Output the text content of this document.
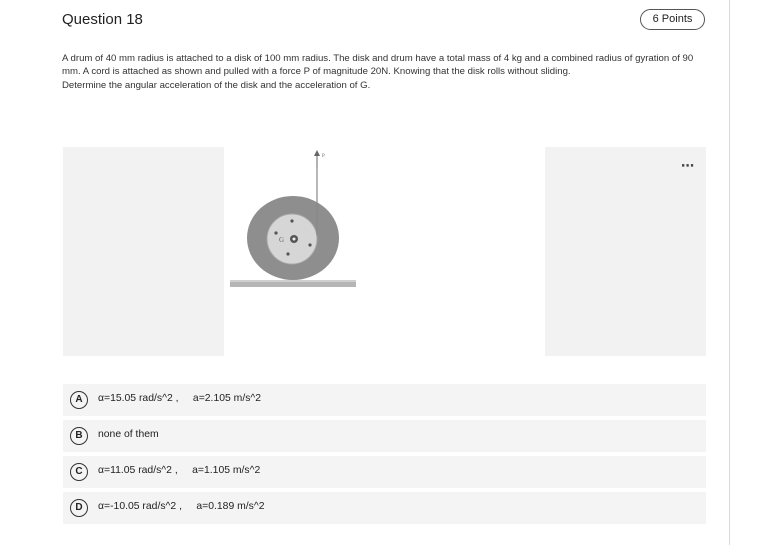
Question 18	6 Points

A drum of 40 mm radius is attached to a disk of 100 mm radius. The disk and drum have a total mass of 4 kg and a combined radius of gyration of 90 mm. A cord is attached as shown and pulled with a force P of magnitude 20N. Knowing that the disk rolls without sliding.

Determine the angular acceleration of the disk and the acceleration of G.

⋯
G
P
A	α=15.05 rad/s^2 ,     a=2.105 m/s^2
B	none of them
C	α=11.05 rad/s^2 ,     a=1.105 m/s^2
D	α=-10.05 rad/s^2 ,     a=0.189 m/s^2
